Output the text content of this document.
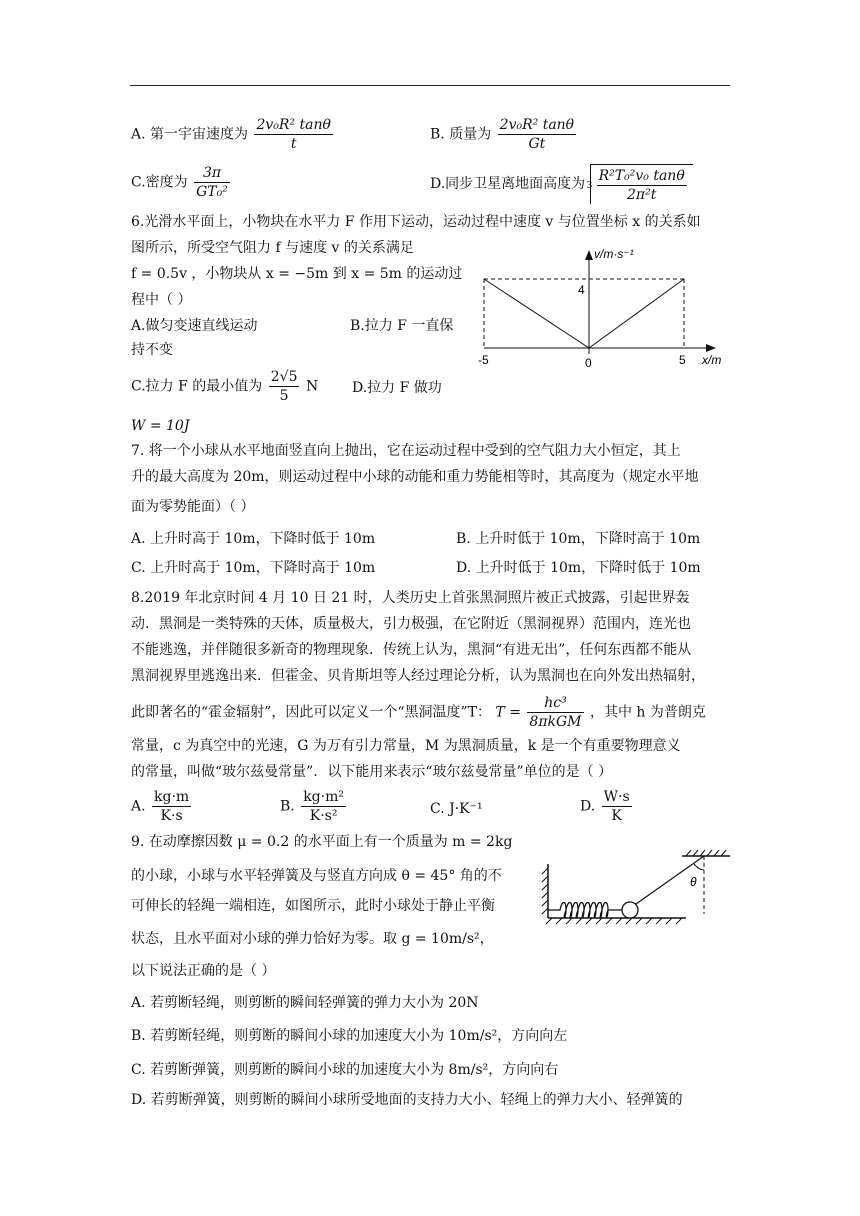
A. 第一宇宙速度为 $\frac{\text{2v₀R² tanθ}}{t}$	B. 质量为 $\frac{\text{2v₀R² tanθ}}{Gt}$
C.密度为 $\frac{3\pi}{\text{GT₀²}}$	D.同步卫星离地面高度为 $3 \frac{\text{R²T₀²v₀ tanθ}}{\text{2π²t}}$
6.光滑水平面上，小物块在水平力 F 作用下运动，运动过程中速度 v 与位置坐标 x 的关系如
图所示，所受空气阻力 f 与速度 v 的关系满足
f = 0.5v ，小物块从 x = −5m 到 x = 5m 的运动过
程中（ ）
A.做匀变速直线运动	B.拉力 F 一直保
持不变
C.拉力 F 的最小值为 $\frac{2√5}{5}$ N D.拉力 F 做功
W = 10J
v/m·s⁻¹
4
-5	0	5 x/m
7. 将一个小球从水平地面竖直向上抛出，它在运动过程中受到的空气阻力大小恒定，其上
升的最大高度为 20m，则运动过程中小球的动能和重力势能相等时，其高度为（规定水平地
面为零势能面）（ ）
A. 上升时高于 10m，下降时低于 10m	B. 上升时低于 10m，下降时高于 10m
C. 上升时高于 10m，下降时高于 10m	D. 上升时低于 10m，下降时低于 10m
8.2019 年北京时间 4 月 10 日 21 时，人类历史上首张黑洞照片被正式披露，引起世界轰
动．黑洞是一类特殊的天体，质量极大，引力极强，在它附近（黑洞视界）范围内，连光也
不能逃逸，并伴随很多新奇的物理现象．传统上认为，黑洞“有进无出”，任何东西都不能从
黑洞视界里逃逸出来．但霍金、贝肯斯坦等人经过理论分析，认为黑洞也在向外发出热辐射，
此即著名的“霍金辐射”，因此可以定义一个“黑洞温度”T： $T = \frac{\text{hc³}}{\text{8πkGM}}$ ，其中 h 为普朗克
常量，c 为真空中的光速，G 为万有引力常量，M 为黑洞质量，k 是一个有重要物理意义
的常量，叫做“玻尔兹曼常量”．以下能用来表示“玻尔兹曼常量”单位的是（ ）
A. $\frac{kg\cdot m}{K\cdot s}$	B. $\frac{\text{kg·m²}}{\text{K·s²}}$	C. J·K⁻¹	D. $\frac{W\cdot s}{K}$
9. 在动摩擦因数 μ = 0.2 的水平面上有一个质量为 m = 2kg
的小球，小球与水平轻弹簧及与竖直方向成 θ = 45° 角的不
可伸长的轻绳一端相连，如图所示，此时小球处于静止平衡
状态，且水平面对小球的弹力恰好为零。取 g = 10m/s²，
以下说法正确的是（ ）
A. 若剪断轻绳，则剪断的瞬间轻弹簧的弹力大小为 20N
B. 若剪断轻绳，则剪断的瞬间小球的加速度大小为 10m/s²，方向向左
C. 若剪断弹簧，则剪断的瞬间小球的加速度大小为 8m/s²，方向向右
D. 若剪断弹簧，则剪断的瞬间小球所受地面的支持力大小、轻绳上的弹力大小、轻弹簧的
θ
